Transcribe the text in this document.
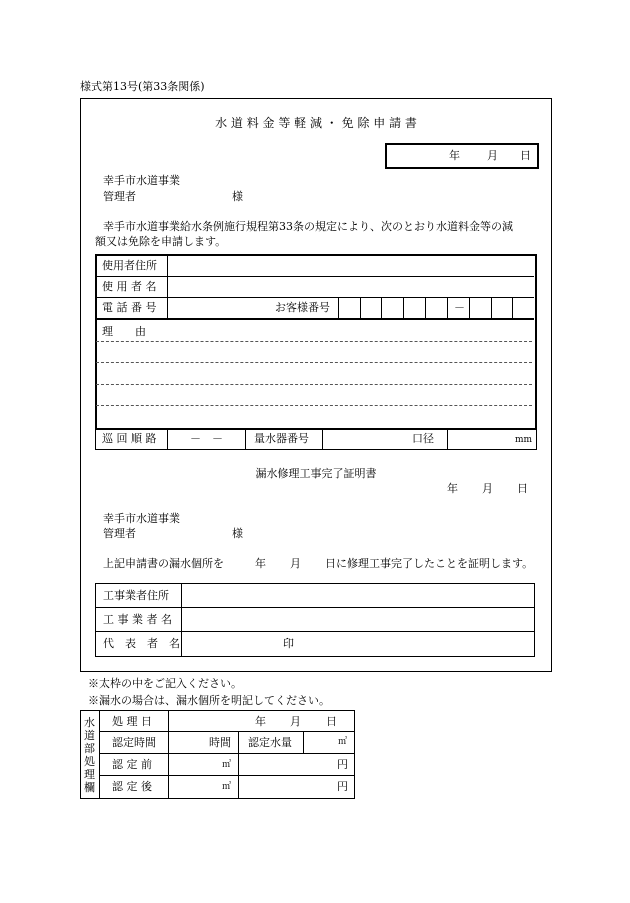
様式第13号(第33条関係)
水 道 料 金 等 軽 減 ・ 免 除 申 請 書
年 月 日
幸手市水道事業
管理者	様
幸手市水道事業給水条例施行規程第33条の規定により、次のとおり水道料金等の減
額又は免除を申請します。
使用者住所
使 用 者 名
電 話 番 号	お客様番号	－
理　　由
巡 回 順 路	－　－	量水器番号	口径	mm
漏水修理工事完了証明書
年 月 日
幸手市水道事業
管理者	様
上記申請書の漏水個所を	年 月 日に修理工事完了したことを証明します。
工事業者住所
工 事 業 者 名
代　表　者　名	印
※太枠の中をご記入ください。
※漏水の場合は、漏水個所を明記してください。
水道部処理欄
処 理 日	年 月 日
認定時間	時間 認定水量	㎥
認 定 前	㎥	円
認 定 後	㎥	円
